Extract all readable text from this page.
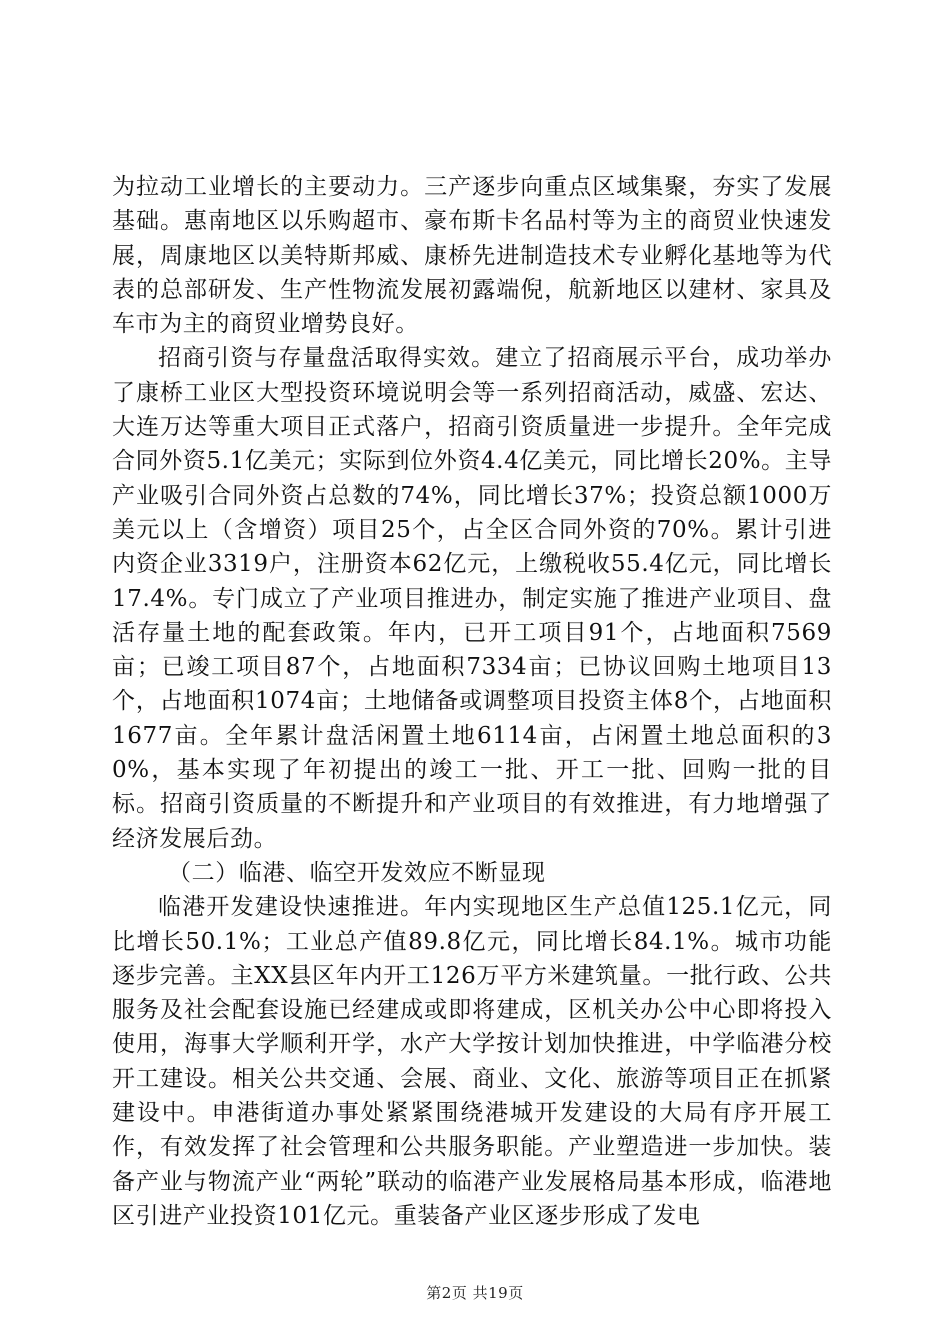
为拉动工业增长的主要动力。三产逐步向重点区域集聚，夯实了发展基础。惠南地区以乐购超市、豪布斯卡名品村等为主的商贸业快速发展，周康地区以美特斯邦威、康桥先进制造技术专业孵化基地等为代表的总部研发、生产性物流发展初露端倪，航新地区以建材、家具及车市为主的商贸业增势良好。

招商引资与存量盘活取得实效。建立了招商展示平台，成功举办了康桥工业区大型投资环境说明会等一系列招商活动，威盛、宏达、大连万达等重大项目正式落户，招商引资质量进一步提升。全年完成合同外资5.1亿美元；实际到位外资4.4亿美元，同比增长20%。主导产业吸引合同外资占总数的74%，同比增长37%；投资总额1000万美元以上（含增资）项目25个，占全区合同外资的70%。累计引进内资企业3319户，注册资本62亿元，上缴税收55.4亿元，同比增长17.4%。专门成立了产业项目推进办，制定实施了推进产业项目、盘活存量土地的配套政策。年内，已开工项目91个，占地面积7569亩；已竣工项目87个，占地面积7334亩；已协议回购土地项目13个，占地面积1074亩；土地储备或调整项目投资主体8个，占地面积1677亩。全年累计盘活闲置土地6114亩，占闲置土地总面积的30%，基本实现了年初提出的竣工一批、开工一批、回购一批的目标。招商引资质量的不断提升和产业项目的有效推进，有力地增强了经济发展后劲。

（二）临港、临空开发效应不断显现

临港开发建设快速推进。年内实现地区生产总值125.1亿元，同比增长50.1%；工业总产值89.8亿元，同比增长84.1%。城市功能逐步完善。主XX县区年内开工126万平方米建筑量。一批行政、公共服务及社会配套设施已经建成或即将建成，区机关办公中心即将投入使用，海事大学顺利开学，水产大学按计划加快推进，中学临港分校开工建设。相关公共交通、会展、商业、文化、旅游等项目正在抓紧建设中。申港街道办事处紧紧围绕港城开发建设的大局有序开展工作，有效发挥了社会管理和公共服务职能。产业塑造进一步加快。装备产业与物流产业“两轮”联动的临港产业发展格局基本形成，临港地区引进产业投资101亿元。重装备产业区逐步形成了发电

第2页 共19页
